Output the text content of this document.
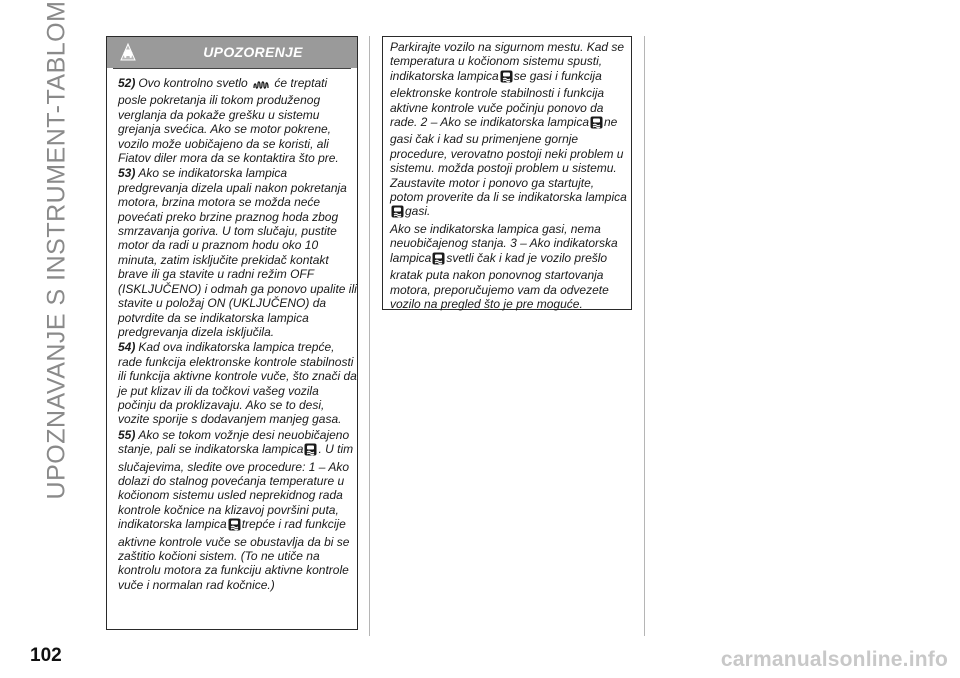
UPOZNAVANJE S INSTRUMENT-TABLOM	UPOZORENJE

52) Ovo kontrolno svetlo će treptati posle pokretanja ili tokom produženog verglanja da pokaže grešku u sistemu grejanja svećica. Ako se motor pokrene, vozilo može uobičajeno da se koristi, ali Fiatov diler mora da se kontaktira što pre.

53) Ako se indikatorska lampica predgrevanja dizela upali nakon pokretanja motora, brzina motora se možda neće povećati preko brzine praznog hoda zbog smrzavanja goriva. U tom slučaju, pustite motor da radi u praznom hodu oko 10 minuta, zatim isključite prekidač kontakt brave ili ga stavite u radni režim OFF (ISKLJUČENO) i odmah ga ponovo upalite ili stavite u položaj ON (UKLJUČENO) da potvrdite da se indikatorska lampica predgrevanja dizela isključila.

54) Kad ova indikatorska lampica trepće, rade funkcija elektronske kontrole stabilnosti ili funkcija aktivne kontrole vuče, što znači da je put klizav ili da točkovi vašeg vozila počinju da proklizavaju. Ako se to desi, vozite sporije s dodavanjem manjeg gasa.

55) Ako se tokom vožnje desi neuobičajeno stanje, pali se indikatorska lampica . U tim slučajevima, sledite ove procedure: 1 – Ako dolazi do stalnog povećanja temperature u kočionom sistemu usled neprekidnog rada kontrole kočnice na klizavoj površini puta, indikatorska lampica trepće i rad funkcije aktivne kontrole vuče se obustavlja da bi se zaštitio kočioni sistem. (To ne utiče na kontrolu motora za funkciju aktivne kontrole vuče i normalan rad kočnice.)

Parkirajte vozilo na sigurnom mestu. Kad se temperatura u kočionom sistemu spusti, indikatorska lampica se gasi i funkcija elektronske kontrole stabilnosti i funkcija aktivne kontrole vuče počinju ponovo da rade. 2 – Ako se indikatorska lampica ne gasi čak i kad su primenjene gornje procedure, verovatno postoji neki problem u sistemu. možda postoji problem u sistemu. Zaustavite motor i ponovo ga startujte, potom proverite da li se indikatorska lampicagasi.

Ako se indikatorska lampica gasi, nema neuobičajenog stanja. 3 – Ako indikatorska lampica svetli čak i kad je vozilo prešlo kratak puta nakon ponovnog startovanja motora, preporučujemo vam da odvezete vozilo na pregled što je pre moguće.

102	carmanualsonline.info
